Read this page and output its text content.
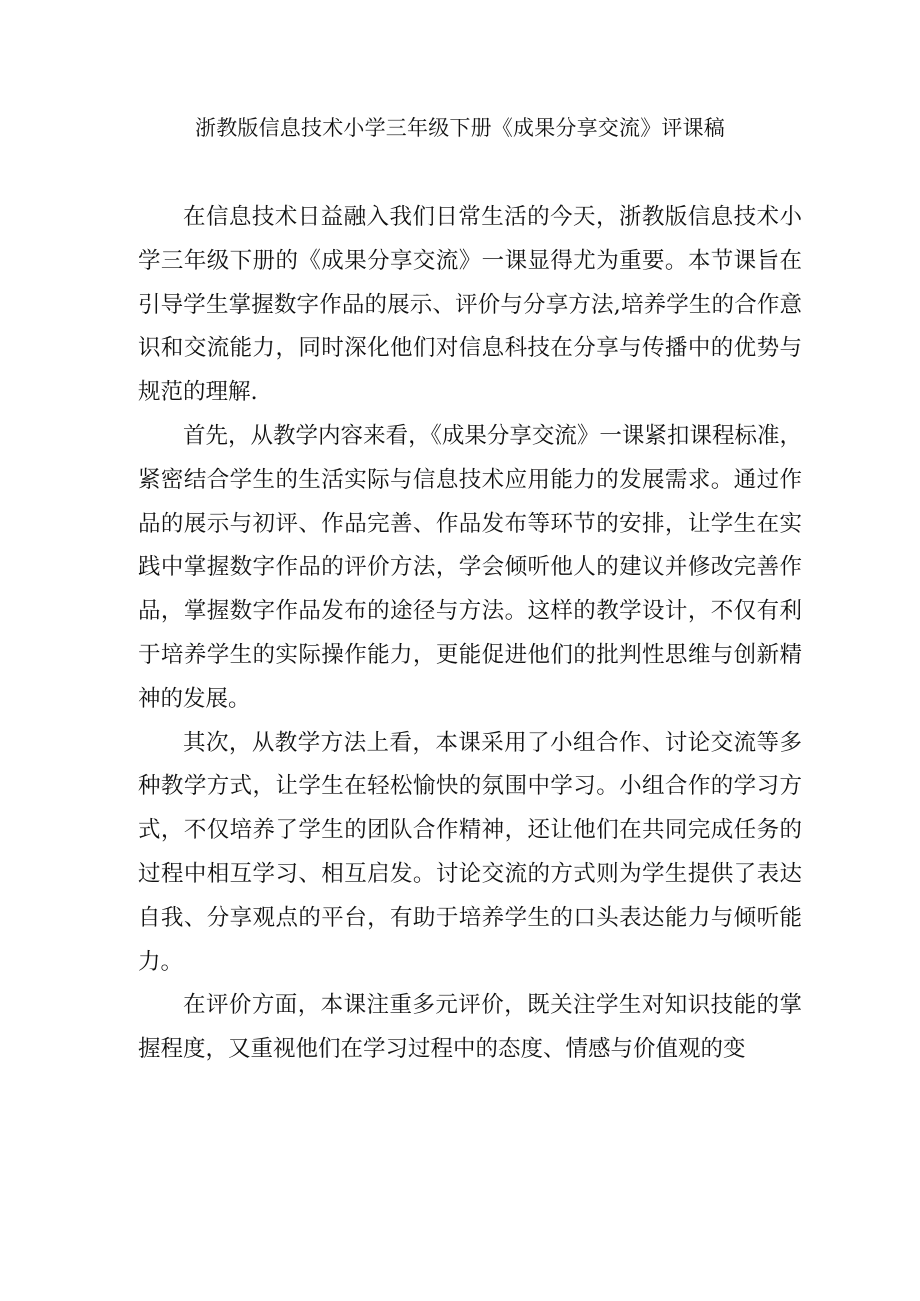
浙教版信息技术小学三年级下册《成果分享交流》评课稿

在信息技术日益融入我们日常生活的今天，浙教版信息技术小学三年级下册的《成果分享交流》一课显得尤为重要。本节课旨在引导学生掌握数字作品的展示、评价与分享方法,培养学生的合作意识和交流能力，同时深化他们对信息科技在分享与传播中的优势与规范的理解.

首先，从教学内容来看，《成果分享交流》一课紧扣课程标准，紧密结合学生的生活实际与信息技术应用能力的发展需求。通过作品的展示与初评、作品完善、作品发布等环节的安排，让学生在实践中掌握数字作品的评价方法，学会倾听他人的建议并修改完善作品，掌握数字作品发布的途径与方法。这样的教学设计，不仅有利于培养学生的实际操作能力，更能促进他们的批判性思维与创新精神的发展。

其次，从教学方法上看，本课采用了小组合作、讨论交流等多种教学方式，让学生在轻松愉快的氛围中学习。小组合作的学习方式，不仅培养了学生的团队合作精神，还让他们在共同完成任务的过程中相互学习、相互启发。讨论交流的方式则为学生提供了表达自我、分享观点的平台，有助于培养学生的口头表达能力与倾听能力。

在评价方面，本课注重多元评价，既关注学生对知识技能的掌握程度，又重视他们在学习过程中的态度、情感与价值观的变
